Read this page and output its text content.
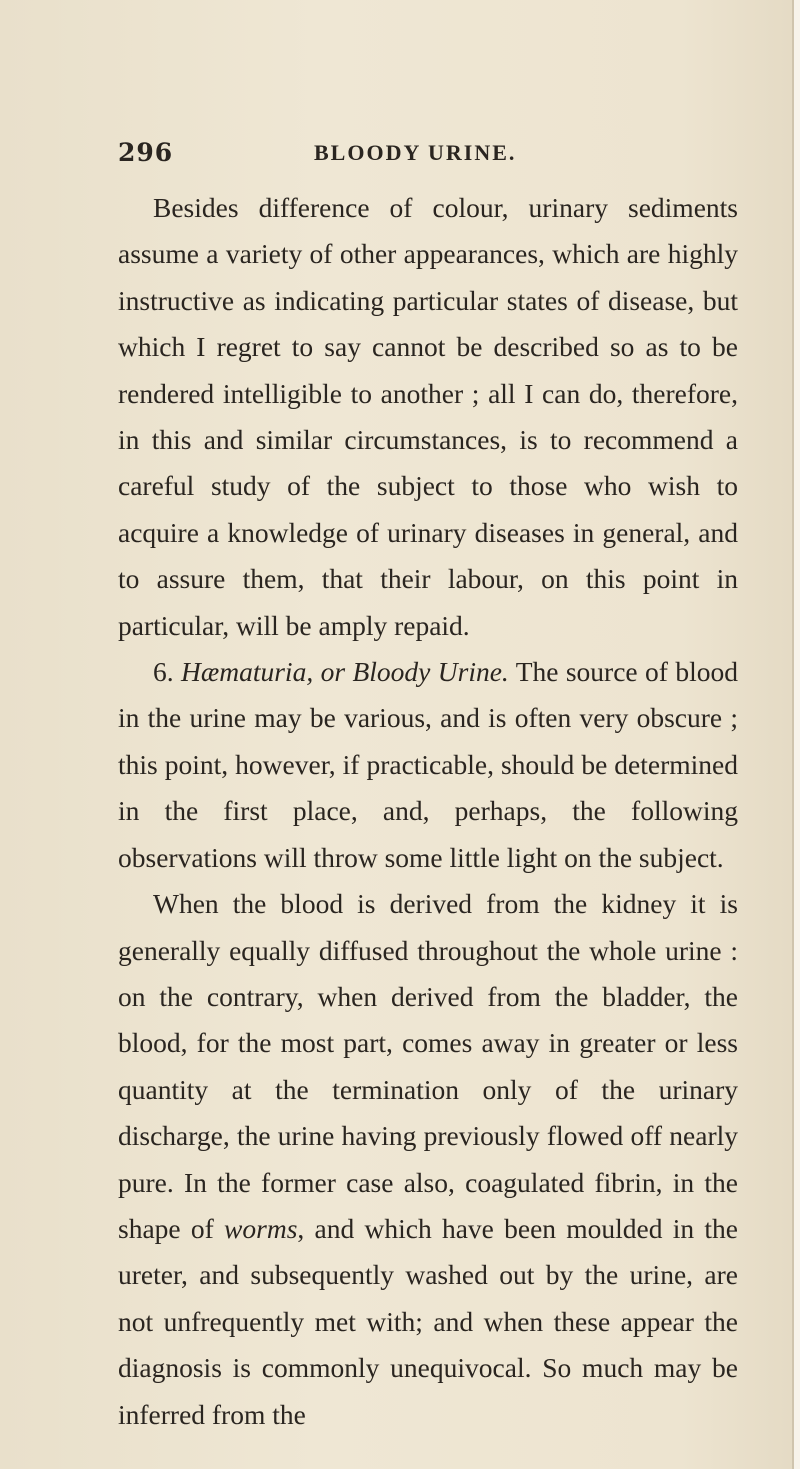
296	BLOODY URINE.

Besides difference of colour, urinary sediments assume a variety of other appearances, which are highly instructive as indicating particular states of disease, but which I regret to say cannot be described so as to be rendered intelligible to another ; all I can do, therefore, in this and similar circumstances, is to recommend a careful study of the subject to those who wish to acquire a knowledge of urinary diseases in general, and to assure them, that their labour, on this point in particular, will be amply repaid.

6. Hæmaturia, or Bloody Urine. The source of blood in the urine may be various, and is often very obscure ; this point, however, if practicable, should be determined in the first place, and, perhaps, the following observations will throw some little light on the subject.

When the blood is derived from the kidney it is generally equally diffused throughout the whole urine : on the contrary, when derived from the bladder, the blood, for the most part, comes away in greater or less quantity at the termination only of the urinary discharge, the urine having previously flowed off nearly pure. In the former case also, coagulated fibrin, in the shape of worms, and which have been moulded in the ureter, and subsequently washed out by the urine, are not unfrequently met with; and when these appear the diagnosis is commonly unequivocal. So much may be inferred from the
